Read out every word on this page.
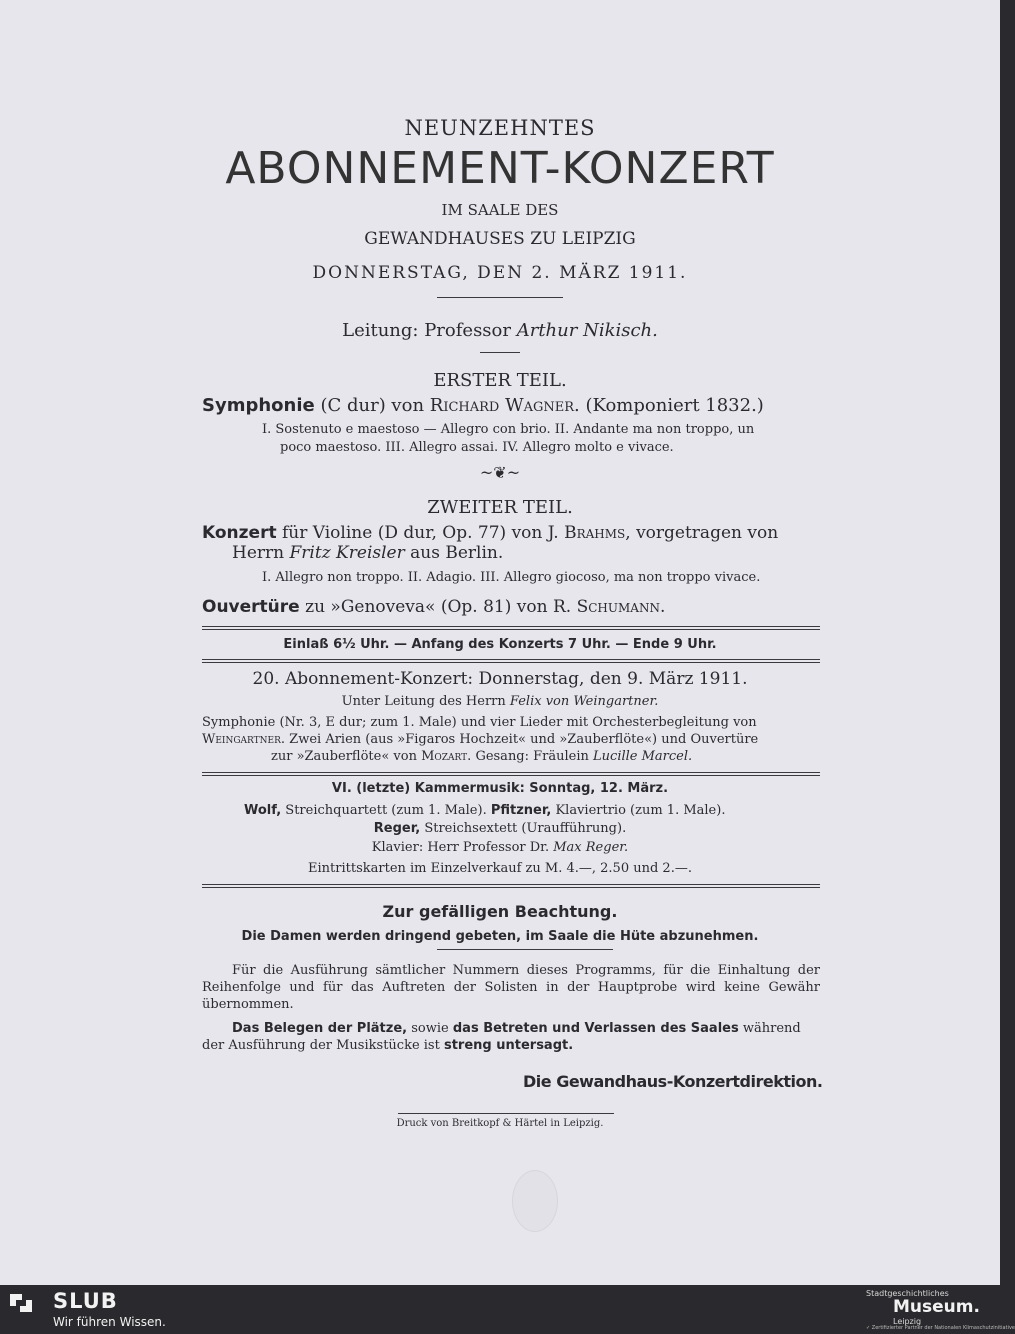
NEUNZEHNTES
ABONNEMENT-KONZERT
IM SAALE DES
GEWANDHAUSES ZU LEIPZIG
DONNERSTAG, DEN 2. MÄRZ 1911.
Leitung: Professor Arthur Nikisch.
ERSTER TEIL.
Symphonie (C dur) von Richard Wagner. (Komponiert 1832.)
I. Sostenuto e maestoso — Allegro con brio. II. Andante ma non troppo, un
poco maestoso. III. Allegro assai. IV. Allegro molto e vivace.
~❦~
ZWEITER TEIL.
Konzert für Violine (D dur, Op. 77) von J. Brahms, vorgetragen von
Herrn Fritz Kreisler aus Berlin.
I. Allegro non troppo. II. Adagio. III. Allegro giocoso, ma non troppo vivace.
Ouvertüre zu »Genoveva« (Op. 81) von R. Schumann.
Einlaß 6½ Uhr. — Anfang des Konzerts 7 Uhr. — Ende 9 Uhr.
20. Abonnement-Konzert: Donnerstag, den 9. März 1911.
Unter Leitung des Herrn Felix von Weingartner.
Symphonie (Nr. 3, E dur; zum 1. Male) und vier Lieder mit Orchesterbegleitung von
Weingartner. Zwei Arien (aus »Figaros Hochzeit« und »Zauberflöte«) und Ouvertüre
zur »Zauberflöte« von Mozart. Gesang: Fräulein Lucille Marcel.
VI. (letzte) Kammermusik: Sonntag, 12. März.
Wolf, Streichquartett (zum 1. Male). Pfitzner, Klaviertrio (zum 1. Male).
Reger, Streichsextett (Uraufführung).
Klavier: Herr Professor Dr. Max Reger.
Eintrittskarten im Einzelverkauf zu M. 4.—, 2.50 und 2.—.
Zur gefälligen Beachtung.
Die Damen werden dringend gebeten, im Saale die Hüte abzunehmen.
Für die Ausführung sämtlicher Nummern dieses Programms, für die Einhaltung der Reihenfolge und für das Auftreten der Solisten in der Hauptprobe wird keine Gewähr übernommen.

Das Belegen der Plätze, sowie das Betreten und Verlassen des Saales während der Ausführung der Musikstücke ist streng untersagt.

Die Gewandhaus-Konzertdirektion.
Druck von Breitkopf & Härtel in Leipzig.
SLUB
Wir führen Wissen.
Stadtgeschichtliches
Museum.
Leipzig
✓ Zertifizierter Partner der Nationalen Klimaschutzinitiative
